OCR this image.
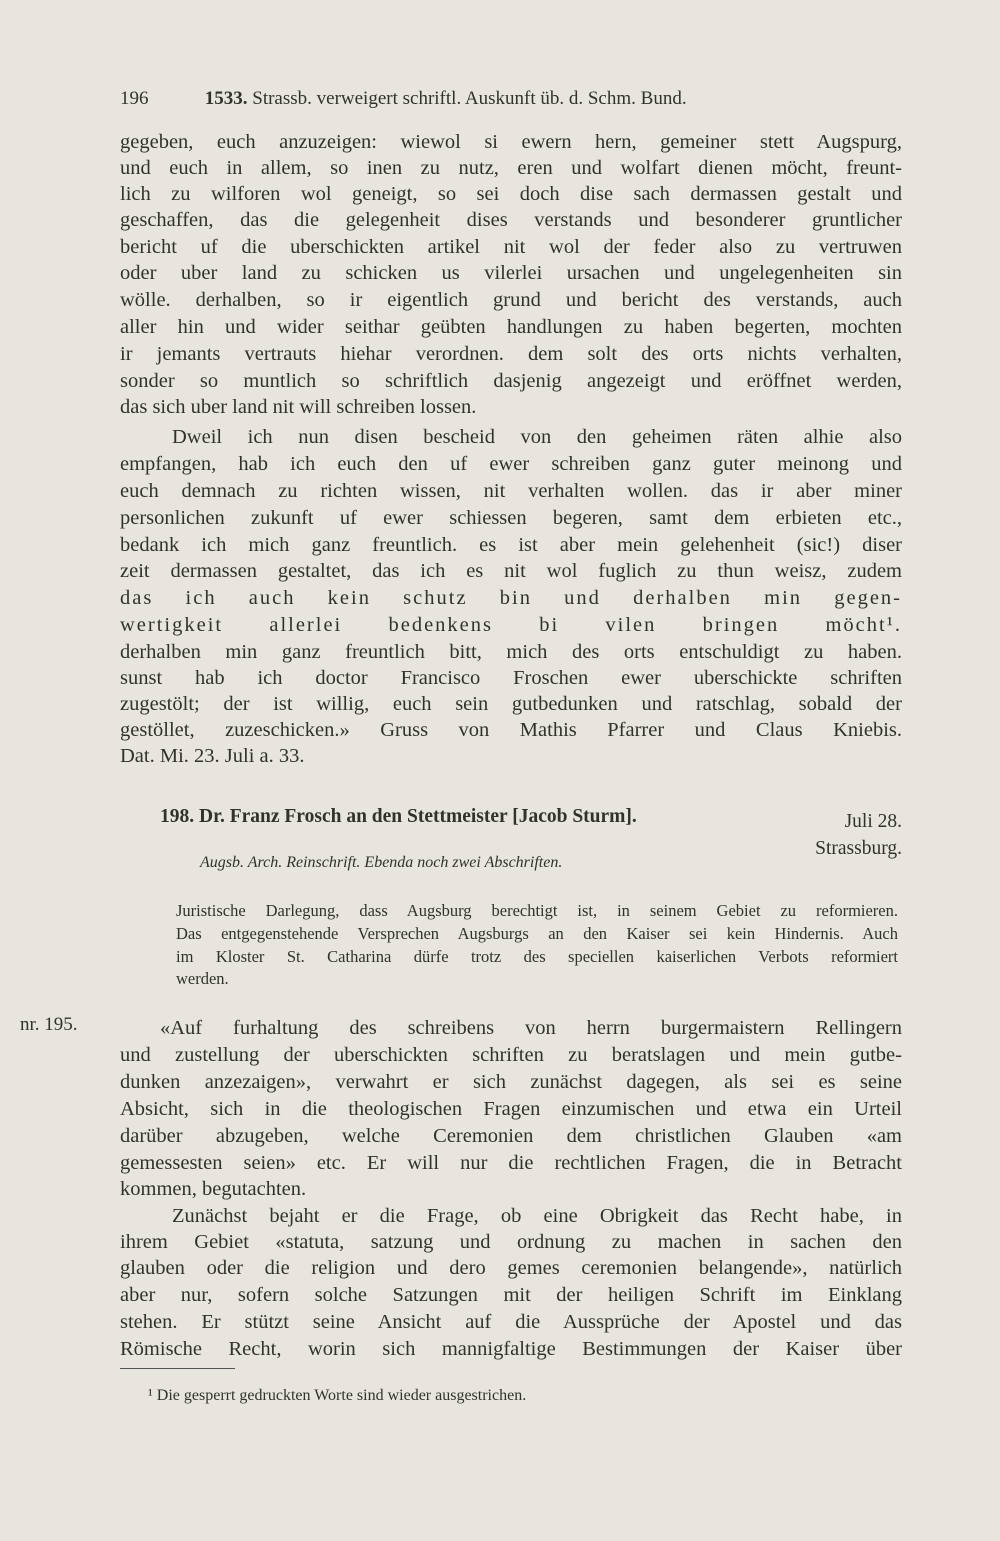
196	1533. Strassb. verweigert schriftl. Auskunft üb. d. Schm. Bund.
gegeben, euch anzuzeigen: wiewol si ewern hern, gemeiner stett Augspurg,
und euch in allem, so inen zu nutz, eren und wolfart dienen möcht, freunt-
lich zu wilforen wol geneigt, so sei doch dise sach dermassen gestalt und
geschaffen, das die gelegenheit dises verstands und besonderer gruntlicher
bericht uf die uberschickten artikel nit wol der feder also zu vertruwen
oder uber land zu schicken us vilerlei ursachen und ungelegenheiten sin
wölle. derhalben, so ir eigentlich grund und bericht des verstands, auch
aller hin und wider seithar geübten handlungen zu haben begerten, mochten
ir jemants vertrauts hiehar verordnen. dem solt des orts nichts verhalten,
sonder so muntlich so schriftlich dasjenig angezeigt und eröffnet werden,
das sich uber land nit will schreiben lossen.
Dweil ich nun disen bescheid von den geheimen räten alhie also
empfangen, hab ich euch den uf ewer schreiben ganz guter meinong und
euch demnach zu richten wissen, nit verhalten wollen. das ir aber miner
personlichen zukunft uf ewer schiessen begeren, samt dem erbieten etc.,
bedank ich mich ganz freuntlich. es ist aber mein gelehenheit (sic!) diser
zeit dermassen gestaltet, das ich es nit wol fuglich zu thun weisz, zudem
das ich auch kein schutz bin und derhalben min gegen-
wertigkeit allerlei bedenkens bi vilen bringen möcht¹.
derhalben min ganz freuntlich bitt, mich des orts entschuldigt zu haben.
sunst hab ich doctor Francisco Froschen ewer uberschickte schriften
zugestölt; der ist willig, euch sein gutbedunken und ratschlag, sobald der
gestöllet, zuzeschicken.» Gruss von Mathis Pfarrer und Claus Kniebis.
Dat. Mi. 23. Juli a. 33.
198. Dr. Franz Frosch an den Stettmeister [Jacob Sturm].	Juli 28.
Strassburg.
Augsb. Arch. Reinschrift. Ebenda noch zwei Abschriften.
Juristische Darlegung, dass Augsburg berechtigt ist, in seinem Gebiet zu reformieren.
Das entgegenstehende Versprechen Augsburgs an den Kaiser sei kein Hindernis. Auch
im Kloster St. Catharina dürfe trotz des speciellen kaiserlichen Verbots reformiert
werden.
nr. 195.	«Auf furhaltung des schreibens von herrn burgermaistern Rellingern
und zustellung der uberschickten schriften zu beratslagen und mein gutbe-
dunken anzezaigen», verwahrt er sich zunächst dagegen, als sei es seine
Absicht, sich in die theologischen Fragen einzumischen und etwa ein Urteil
darüber abzugeben, welche Ceremonien dem christlichen Glauben «am
gemessesten seien» etc. Er will nur die rechtlichen Fragen, die in Betracht
kommen, begutachten.
Zunächst bejaht er die Frage, ob eine Obrigkeit das Recht habe, in
ihrem Gebiet «statuta, satzung und ordnung zu machen in sachen den
glauben oder die religion und dero gemes ceremonien belangende», natürlich
aber nur, sofern solche Satzungen mit der heiligen Schrift im Einklang
stehen. Er stützt seine Ansicht auf die Aussprüche der Apostel und das
Römische Recht, worin sich mannigfaltige Bestimmungen der Kaiser über
¹ Die gesperrt gedruckten Worte sind wieder ausgestrichen.
